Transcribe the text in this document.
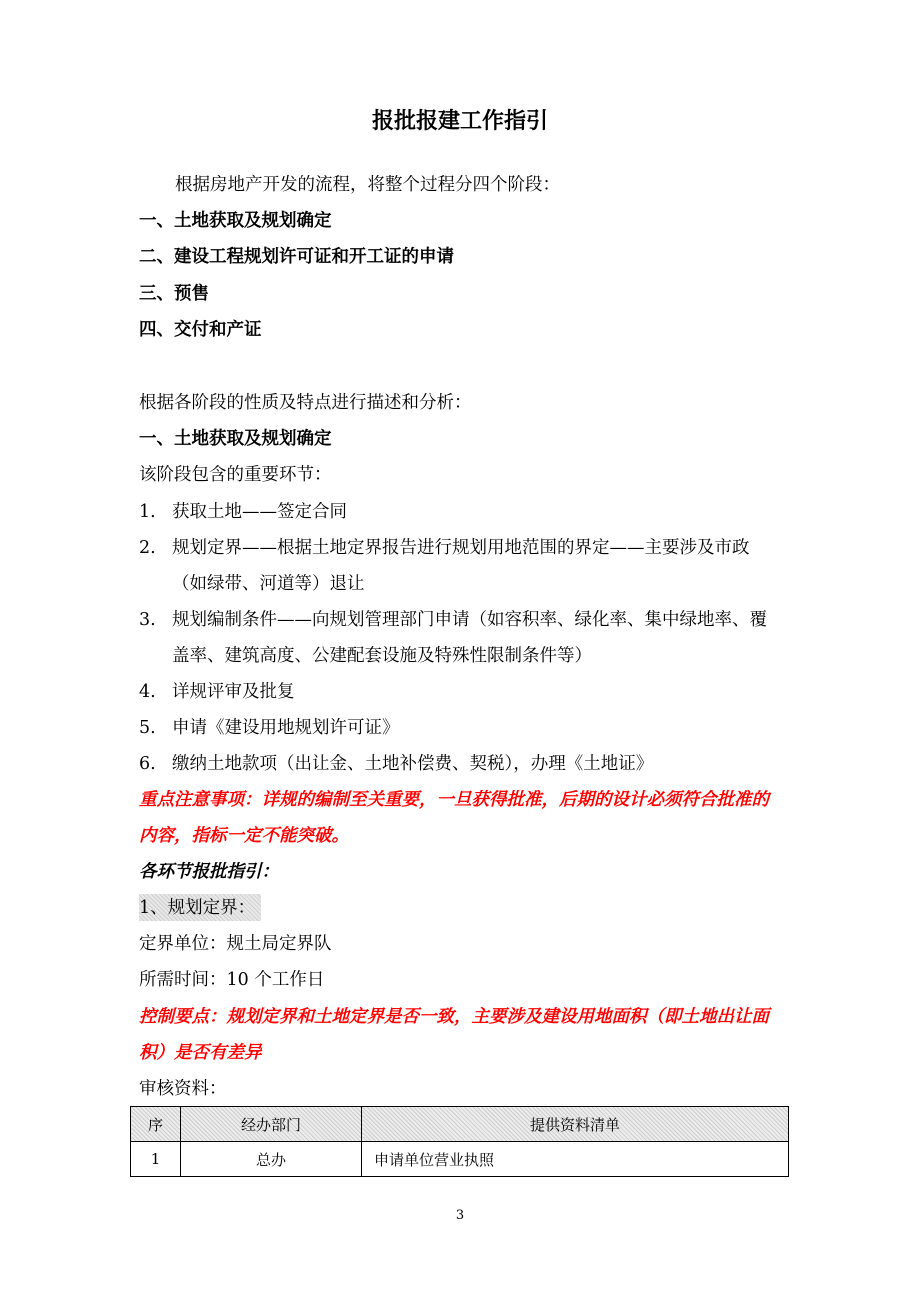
报批报建工作指引
根据房地产开发的流程，将整个过程分四个阶段：
一、土地获取及规划确定
二、建设工程规划许可证和开工证的申请
三、预售
四、交付和产证
根据各阶段的性质及特点进行描述和分析：
一、土地获取及规划确定
该阶段包含的重要环节：
1. 获取土地——签定合同
2. 规划定界——根据土地定界报告进行规划用地范围的界定——主要涉及市政
（如绿带、河道等）退让
3. 规划编制条件——向规划管理部门申请（如容积率、绿化率、集中绿地率、覆
盖率、建筑高度、公建配套设施及特殊性限制条件等）
4. 详规评审及批复
5. 申请《建设用地规划许可证》
6. 缴纳土地款项（出让金、土地补偿费、契税），办理《土地证》
重点注意事项：详规的编制至关重要，一旦获得批准，后期的设计必须符合批准的
内容，指标一定不能突破。
各环节报批指引：
1、规划定界：
定界单位：规土局定界队
所需时间：10 个工作日
控制要点：规划定界和土地定界是否一致，主要涉及建设用地面积（即土地出让面
积）是否有差异
审核资料：
序	经办部门	提供资料清单
1	总办	申请单位营业执照
3
